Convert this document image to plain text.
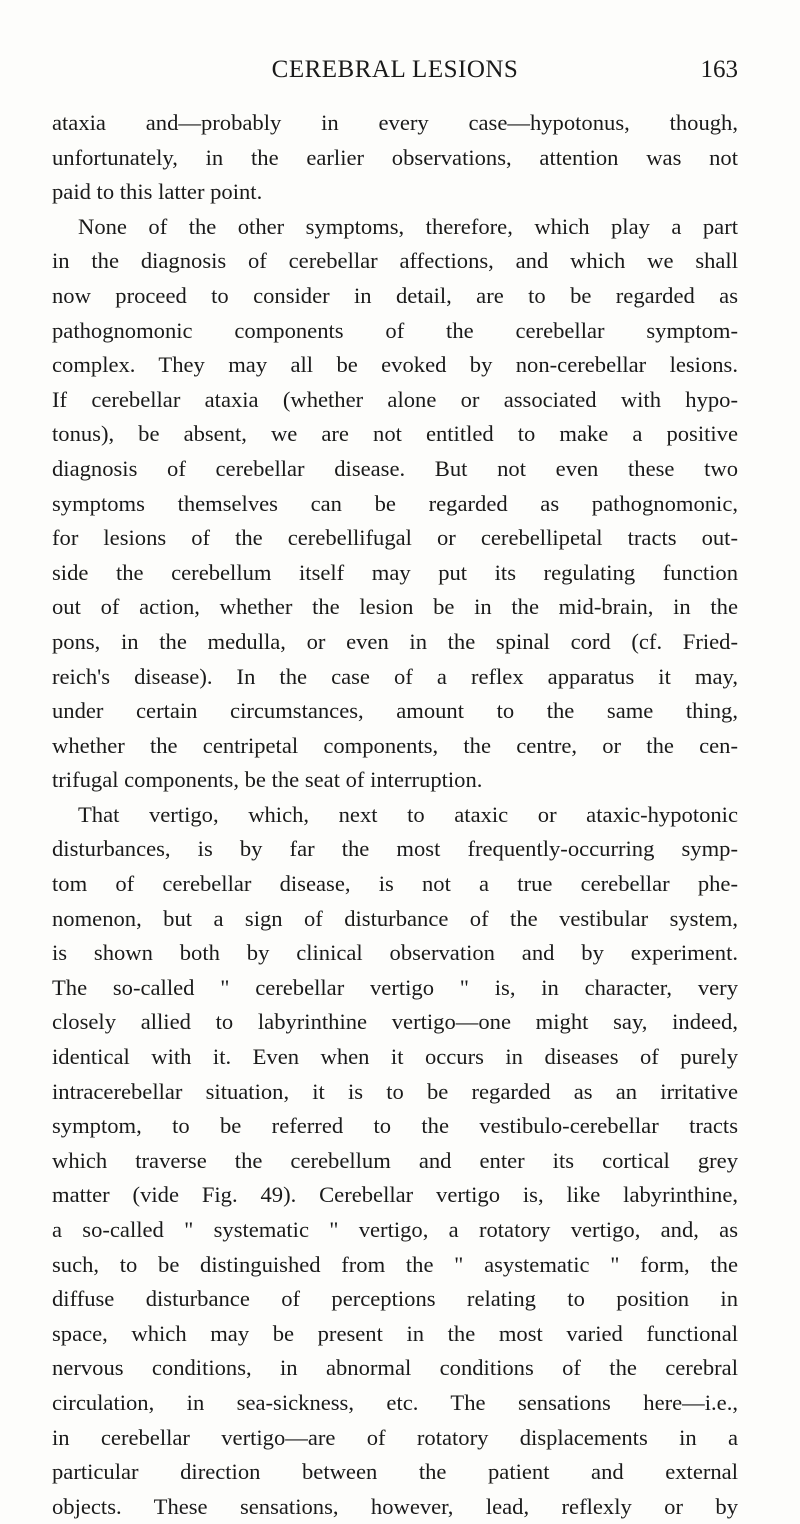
CEREBRAL LESIONS	163
ataxia and—probably in every case—hypotonus, though,
unfortunately, in the earlier observations, attention was not
paid to this latter point.
None of the other symptoms, therefore, which play a part
in the diagnosis of cerebellar affections, and which we shall
now proceed to consider in detail, are to be regarded as
pathognomonic components of the cerebellar symptom-
complex. They may all be evoked by non-cerebellar lesions.
If cerebellar ataxia (whether alone or associated with hypo-
tonus), be absent, we are not entitled to make a positive
diagnosis of cerebellar disease. But not even these two
symptoms themselves can be regarded as pathognomonic,
for lesions of the cerebellifugal or cerebellipetal tracts out-
side the cerebellum itself may put its regulating function
out of action, whether the lesion be in the mid-brain, in the
pons, in the medulla, or even in the spinal cord (cf. Fried-
reich's disease). In the case of a reflex apparatus it may,
under certain circumstances, amount to the same thing,
whether the centripetal components, the centre, or the cen-
trifugal components, be the seat of interruption.
That vertigo, which, next to ataxic or ataxic-hypotonic
disturbances, is by far the most frequently-occurring symp-
tom of cerebellar disease, is not a true cerebellar phe-
nomenon, but a sign of disturbance of the vestibular system,
is shown both by clinical observation and by experiment.
The so-called " cerebellar vertigo " is, in character, very
closely allied to labyrinthine vertigo—one might say, indeed,
identical with it. Even when it occurs in diseases of purely
intracerebellar situation, it is to be regarded as an irritative
symptom, to be referred to the vestibulo-cerebellar tracts
which traverse the cerebellum and enter its cortical grey
matter (vide Fig. 49). Cerebellar vertigo is, like labyrinthine,
a so-called " systematic " vertigo, a rotatory vertigo, and, as
such, to be distinguished from the " asystematic " form, the
diffuse disturbance of perceptions relating to position in
space, which may be present in the most varied functional
nervous conditions, in abnormal conditions of the cerebral
circulation, in sea-sickness, etc. The sensations here—i.e.,
in cerebellar vertigo—are of rotatory displacements in a
particular direction between the patient and external
objects. These sensations, however, lead, reflexly or by
